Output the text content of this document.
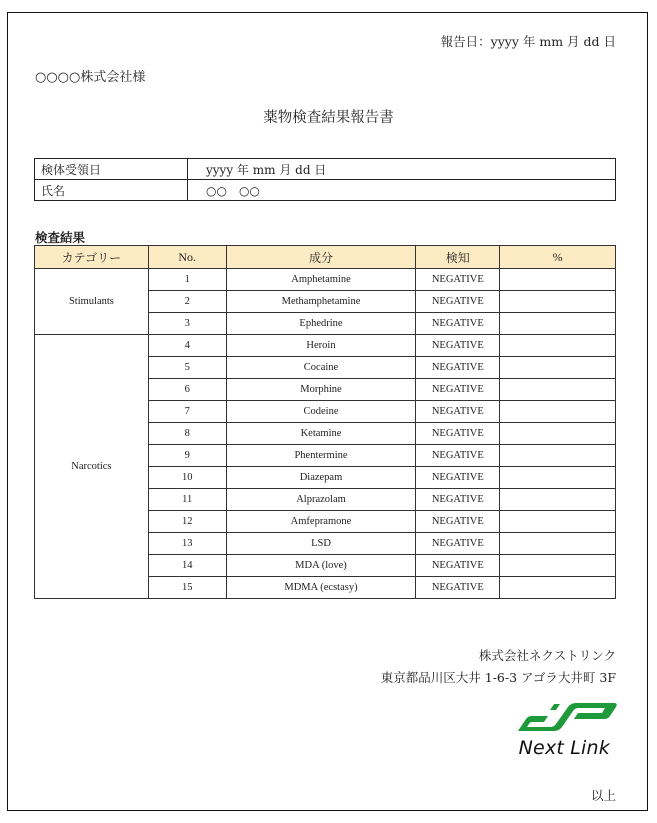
報告日：yyyy 年 mm 月 dd 日
○○○○株式会社様
薬物検査結果報告書
検体受領日	yyyy 年 mm 月 dd 日
氏名	○○　○○
検査結果
カテゴリー	No.	成分	検知	%
Stimulants	1	Amphetamine	NEGATIVE	
	2	Methamphetamine	NEGATIVE	
	3	Ephedrine	NEGATIVE	
Narcotics	4	Heroin	NEGATIVE	
	5	Cocaine	NEGATIVE	
	6	Morphine	NEGATIVE	
	7	Codeine	NEGATIVE	
	8	Ketamine	NEGATIVE	
	9	Phentermine	NEGATIVE	
	10	Diazepam	NEGATIVE	
	11	Alprazolam	NEGATIVE	
	12	Amfepramone	NEGATIVE	
	13	LSD	NEGATIVE	
	14	MDA (love)	NEGATIVE	
	15	MDMA (ecstasy)	NEGATIVE	
株式会社ネクストリンク
東京都品川区大井 1-6-3 アゴラ大井町 3F
Next Link
以上
